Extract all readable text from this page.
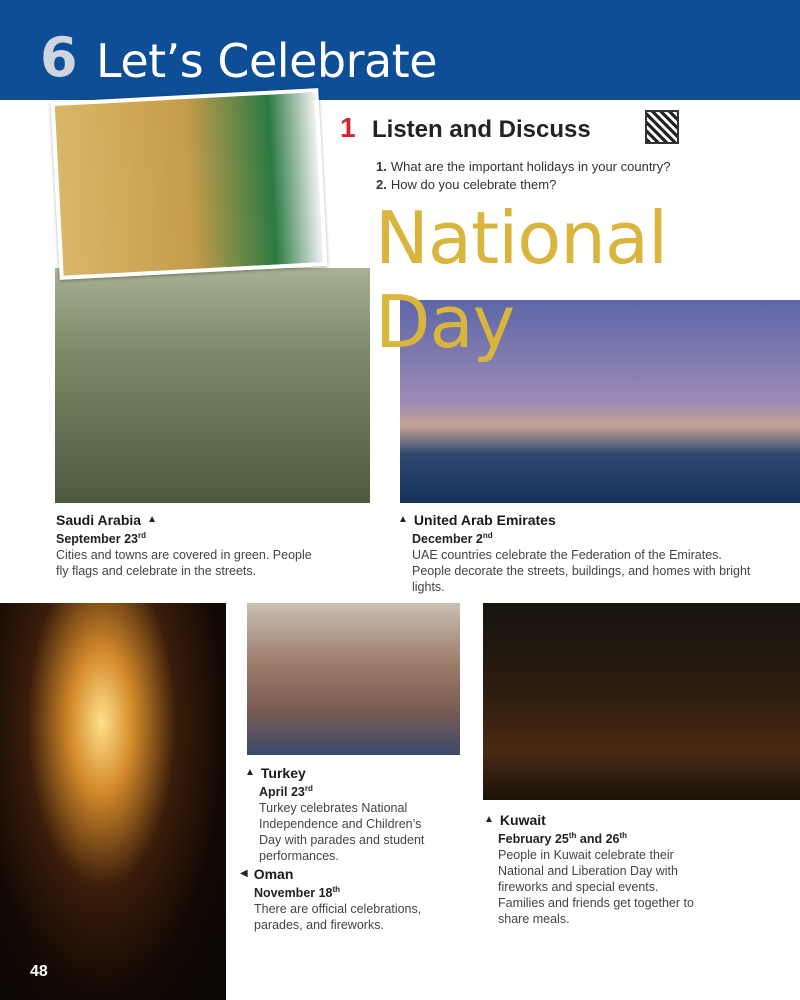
6 Let’s Celebrate
1 Listen and Discuss
1. What are the important holidays in your country?
2. How do you celebrate them?
National Day
Saudi Arabia ▲
September 23rd
Cities and towns are covered in green. People fly flags and celebrate in the streets.
▲ United Arab Emirates
December 2nd
UAE countries celebrate the Federation of the Emirates. People decorate the streets, buildings, and homes with bright lights.
▲ Turkey
April 23rd
Turkey celebrates National Independence and Children’s Day with parades and student performances.
◀ Oman
November 18th
There are official celebrations, parades, and fireworks.
▲ Kuwait
February 25th and 26th
People in Kuwait celebrate their National and Liberation Day with fireworks and special events. Families and friends get together to share meals.
48
